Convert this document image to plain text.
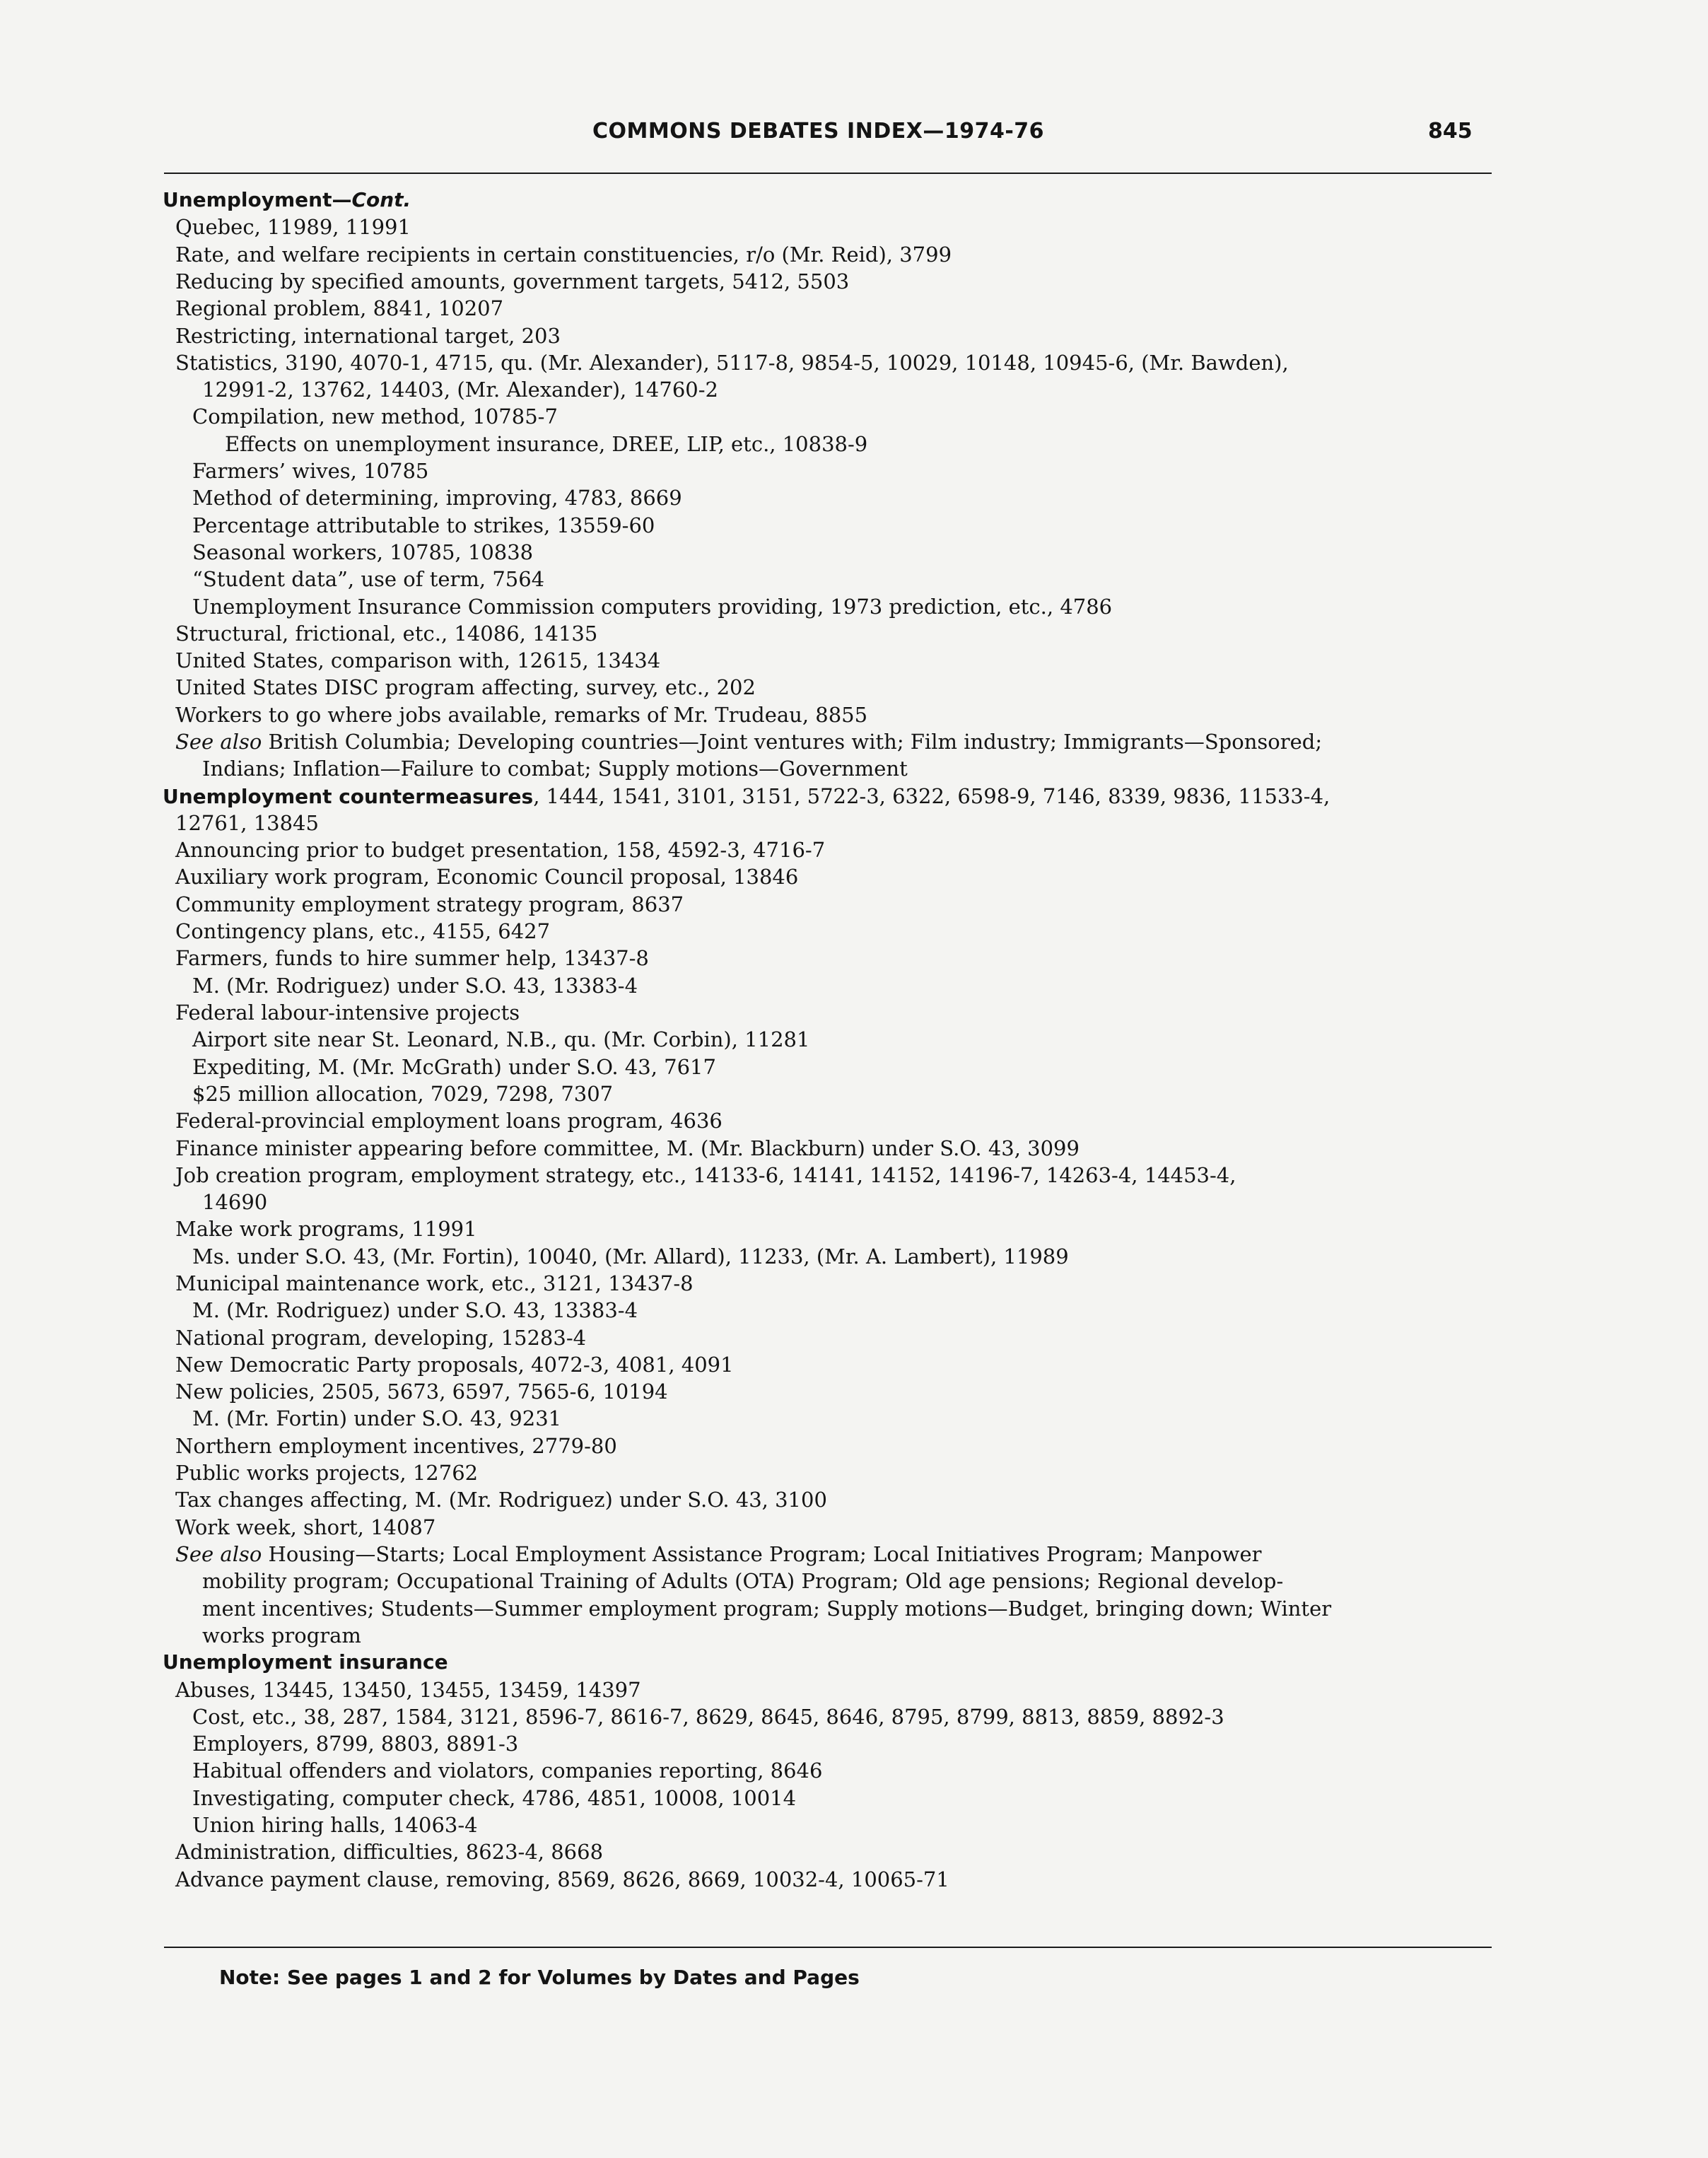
COMMONS DEBATES INDEX—1974-76	845
Unemployment—Cont.
Quebec, 11989, 11991
Rate, and welfare recipients in certain constituencies, r/o (Mr. Reid), 3799
Reducing by specified amounts, government targets, 5412, 5503
Regional problem, 8841, 10207
Restricting, international target, 203
Statistics, 3190, 4070-1, 4715, qu. (Mr. Alexander), 5117-8, 9854-5, 10029, 10148, 10945-6, (Mr. Bawden),
12991-2, 13762, 14403, (Mr. Alexander), 14760-2
Compilation, new method, 10785-7
Effects on unemployment insurance, DREE, LIP, etc., 10838-9
Farmers’ wives, 10785
Method of determining, improving, 4783, 8669
Percentage attributable to strikes, 13559-60
Seasonal workers, 10785, 10838
“Student data”, use of term, 7564
Unemployment Insurance Commission computers providing, 1973 prediction, etc., 4786
Structural, frictional, etc., 14086, 14135
United States, comparison with, 12615, 13434
United States DISC program affecting, survey, etc., 202
Workers to go where jobs available, remarks of Mr. Trudeau, 8855
See also British Columbia; Developing countries—Joint ventures with; Film industry; Immigrants—Sponsored;
Indians; Inflation—Failure to combat; Supply motions—Government
Unemployment countermeasures, 1444, 1541, 3101, 3151, 5722-3, 6322, 6598-9, 7146, 8339, 9836, 11533-4,
12761, 13845
Announcing prior to budget presentation, 158, 4592-3, 4716-7
Auxiliary work program, Economic Council proposal, 13846
Community employment strategy program, 8637
Contingency plans, etc., 4155, 6427
Farmers, funds to hire summer help, 13437-8
M. (Mr. Rodriguez) under S.O. 43, 13383-4
Federal labour-intensive projects
Airport site near St. Leonard, N.B., qu. (Mr. Corbin), 11281
Expediting, M. (Mr. McGrath) under S.O. 43, 7617
$25 million allocation, 7029, 7298, 7307
Federal-provincial employment loans program, 4636
Finance minister appearing before committee, M. (Mr. Blackburn) under S.O. 43, 3099
Job creation program, employment strategy, etc., 14133-6, 14141, 14152, 14196-7, 14263-4, 14453-4,
14690
Make work programs, 11991
Ms. under S.O. 43, (Mr. Fortin), 10040, (Mr. Allard), 11233, (Mr. A. Lambert), 11989
Municipal maintenance work, etc., 3121, 13437-8
M. (Mr. Rodriguez) under S.O. 43, 13383-4
National program, developing, 15283-4
New Democratic Party proposals, 4072-3, 4081, 4091
New policies, 2505, 5673, 6597, 7565-6, 10194
M. (Mr. Fortin) under S.O. 43, 9231
Northern employment incentives, 2779-80
Public works projects, 12762
Tax changes affecting, M. (Mr. Rodriguez) under S.O. 43, 3100
Work week, short, 14087
See also Housing—Starts; Local Employment Assistance Program; Local Initiatives Program; Manpower
mobility program; Occupational Training of Adults (OTA) Program; Old age pensions; Regional develop-
ment incentives; Students—Summer employment program; Supply motions—Budget, bringing down; Winter
works program
Unemployment insurance
Abuses, 13445, 13450, 13455, 13459, 14397
Cost, etc., 38, 287, 1584, 3121, 8596-7, 8616-7, 8629, 8645, 8646, 8795, 8799, 8813, 8859, 8892-3
Employers, 8799, 8803, 8891-3
Habitual offenders and violators, companies reporting, 8646
Investigating, computer check, 4786, 4851, 10008, 10014
Union hiring halls, 14063-4
Administration, difficulties, 8623-4, 8668
Advance payment clause, removing, 8569, 8626, 8669, 10032-4, 10065-71
Note: See pages 1 and 2 for Volumes by Dates and Pages
